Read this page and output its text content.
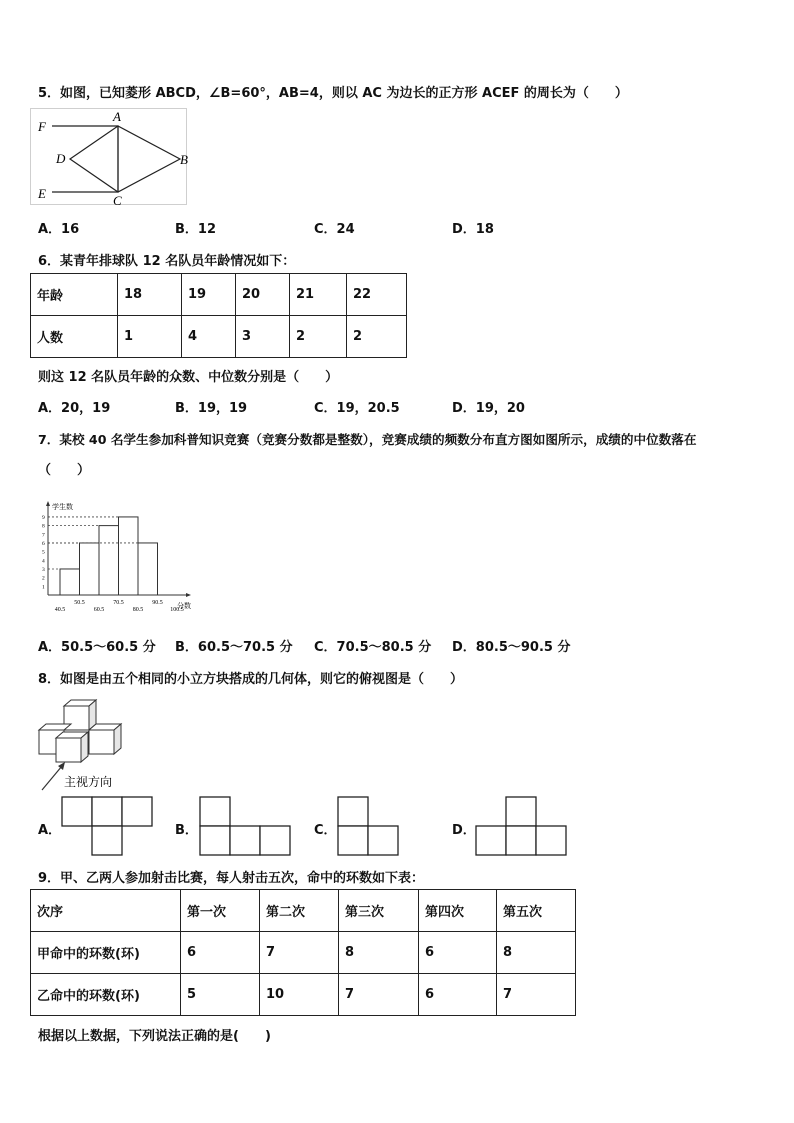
5．如图，已知菱形 ABCD，∠B=60°，AB=4，则以 AC 为边长的正方形 ACEF 的周长为（　　）
F
A
D	B
E	C
A．16	B．12	C．24	D．18
6．某青年排球队 12 名队员年龄情况如下：
年龄	18	19	20	21	22
人数	1	4	3	2	2
则这 12 名队员年龄的众数、中位数分别是（　　）
A．20，19	B．19，19	C．19，20.5	D．19，20
7．某校 40 名学生参加科普知识竞赛（竞赛分数都是整数），竞赛成绩的频数分布直方图如图所示，成绩的中位数落在
（　　）
1
2
3
4
5
6
7
8
9
40.5	60.5	80.5	100.5
50.5	70.5	90.5
学生数
分数
A．50.5～60.5 分 B．60.5～70.5 分 C．70.5～80.5 分 D．80.5～90.5 分
8．如图是由五个相同的小立方块搭成的几何体，则它的俯视图是（　　）
主视方向
A．	B．	C．	D．
9．甲、乙两人参加射击比赛，每人射击五次，命中的环数如下表：
次序	第一次	第二次	第三次	第四次	第五次
甲命中的环数(环)	6	7	8	6	8
乙命中的环数(环)	5	10	7	6	7
根据以上数据，下列说法正确的是(　　)
